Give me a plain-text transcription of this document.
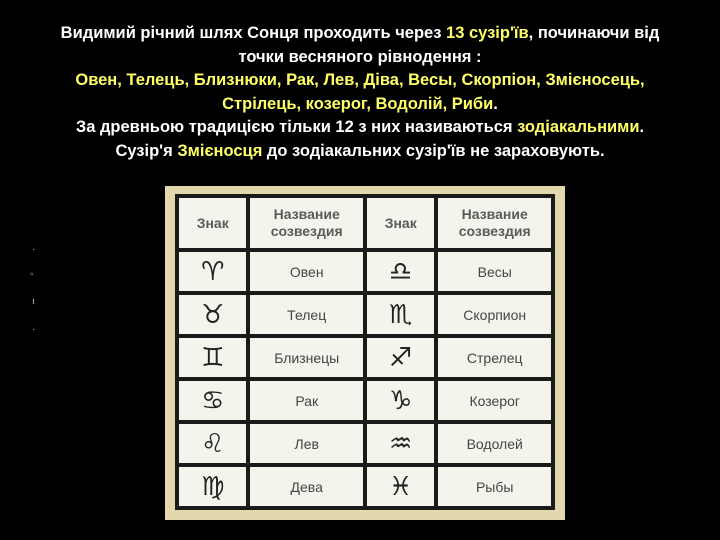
Видимий річний шлях Сонця проходить через 13 сузір'їв, починаючи від

точки весняного рівнодення :

Овен, Телець, Близнюки, Рак, Лев, Діва, Весы, Скорпіон, Змієносець,

Стрілець, козерог, Водолій, Риби.

За древньою традицією тільки 12 з них називаються зодіакальними.

Сузір'я Змієносця до зодіакальних сузір'їв не зараховують.

·
◦
ı
·
Знак	Название созвездия	Знак	Название созвездия
♈	Овен	♎	Весы
♉	Телец	♏	Скорпион
♊	Близнецы	♐	Стрелец
♋	Рак	♑	Козерог
♌	Лев	♒	Водолей
♍	Дева	♓	Рыбы
